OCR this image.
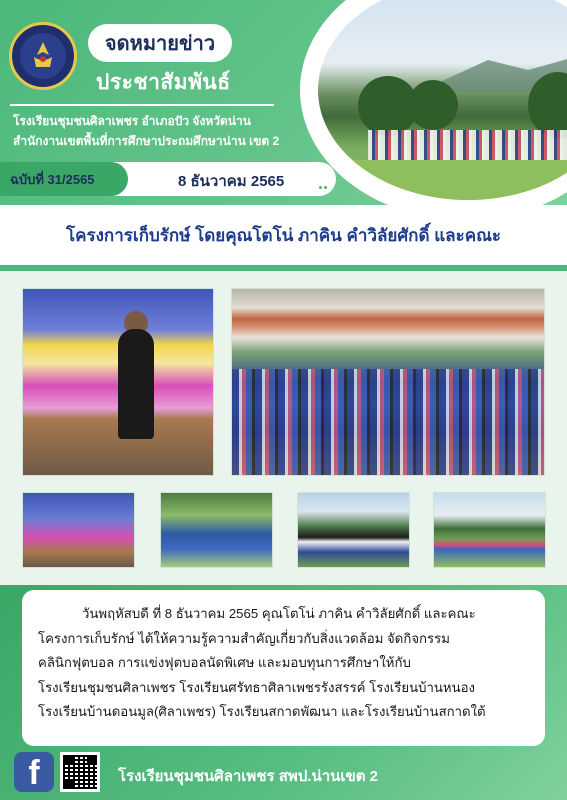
จดหมายข่าว
ประชาสัมพันธ์
โรงเรียนชุมชนศิลาเพชร อำเภอปัว จังหวัดน่าน
สำนักงานเขตพื้นที่การศึกษาประถมศึกษาน่าน เขต 2
ฉบับที่ 31/2565	8 ธันวาคม 2565
โครงการเก็บรักษ์ โดยคุณโตโน่ ภาคิน คำวิลัยศักดิ์ และคณะ
วันพฤหัสบดี ที่ 8 ธันวาคม 2565 คุณโตโน่ ภาคิน คำวิลัยศักดิ์ และคณะ
โครงการเก็บรักษ์ ได้ให้ความรู้ความสำคัญเกี่ยวกับสิ่งแวดล้อม จัดกิจกรรม
คลินิกฟุตบอล การแข่งฟุตบอลนัดพิเศษ และมอบทุนการศึกษาให้กับ
โรงเรียนชุมชนศิลาเพชร โรงเรียนศรัทธาศิลาเพชรรังสรรค์ โรงเรียนบ้านหนอง
โรงเรียนบ้านดอนมูล(ศิลาเพชร) โรงเรียนสกาดพัฒนา และโรงเรียนบ้านสกาดใต้
f	โรงเรียนชุมชนศิลาเพชร สพป.น่านเขต 2
